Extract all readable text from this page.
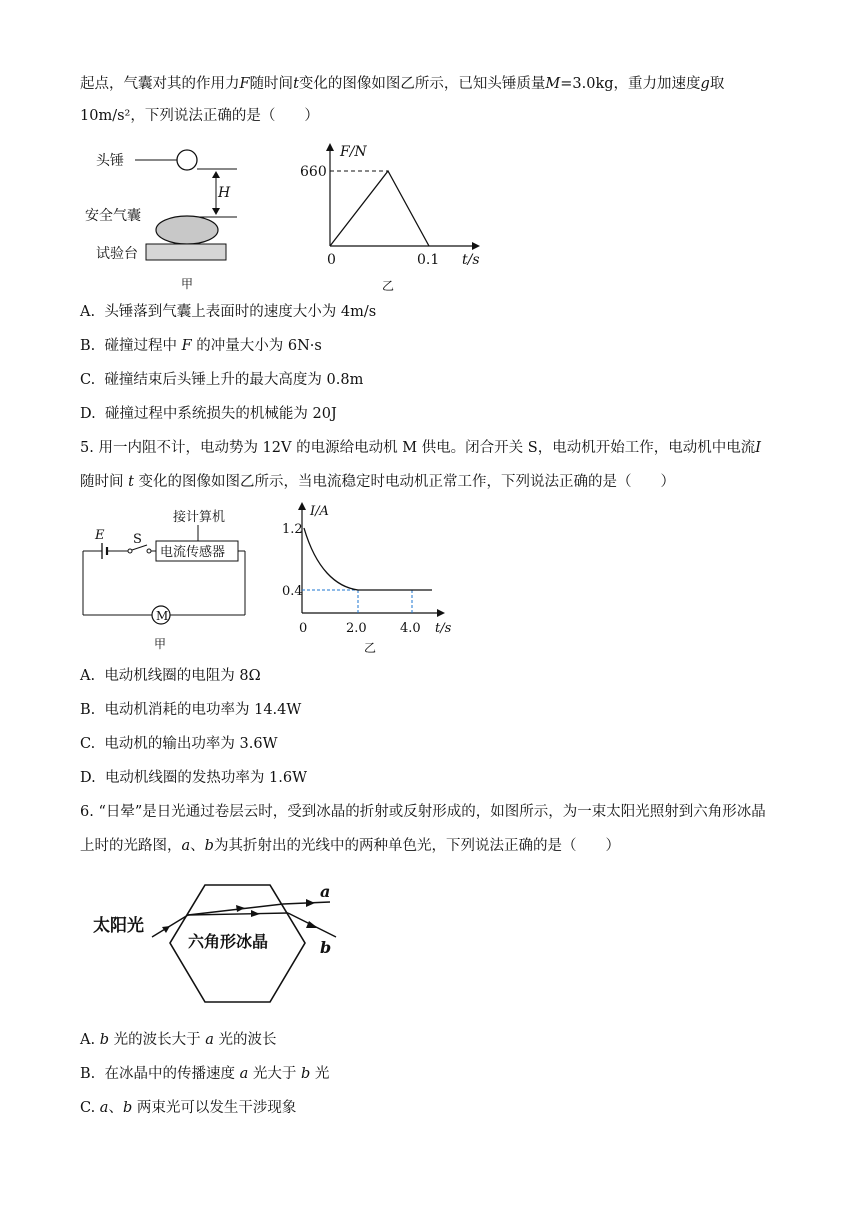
起点，气囊对其的作用力F随时间t变化的图像如图乙所示，已知头锤质量M=3.0kg，重力加速度g取
10m/s²，下列说法正确的是（　　）
头锤
H
安全气囊
试验台
甲
F/N
660
0	0.1 t/s
乙
A. 头锤落到气囊上表面时的速度大小为 4m/s
B. 碰撞过程中 F 的冲量大小为 6N·s
C. 碰撞结束后头锤上升的最大高度为 0.8m
D. 碰撞过程中系统损失的机械能为 20J
5. 用一内阻不计，电动势为 12V 的电源给电动机 M 供电。闭合开关 S，电动机开始工作，电动机中电流I
随时间 t 变化的图像如图乙所示，当电流稳定时电动机正常工作，下列说法正确的是（　　）
接计算机
电流传感器
E S
M
甲
I/A
1.2
0.4
0	2.0	4.0 t/s
乙
A. 电动机线圈的电阻为 8Ω
B. 电动机消耗的电功率为 14.4W
C. 电动机的输出功率为 3.6W
D. 电动机线圈的发热功率为 1.6W
6. “日晕”是日光通过卷层云时，受到冰晶的折射或反射形成的，如图所示，为一束太阳光照射到六角形冰晶
上时的光路图，a、b为其折射出的光线中的两种单色光，下列说法正确的是（　　）
太阳光
六角形冰晶
a
b
A. b 光的波长大于 a 光的波长
B. 在冰晶中的传播速度 a 光大于 b 光
C. a、b 两束光可以发生干涉现象
